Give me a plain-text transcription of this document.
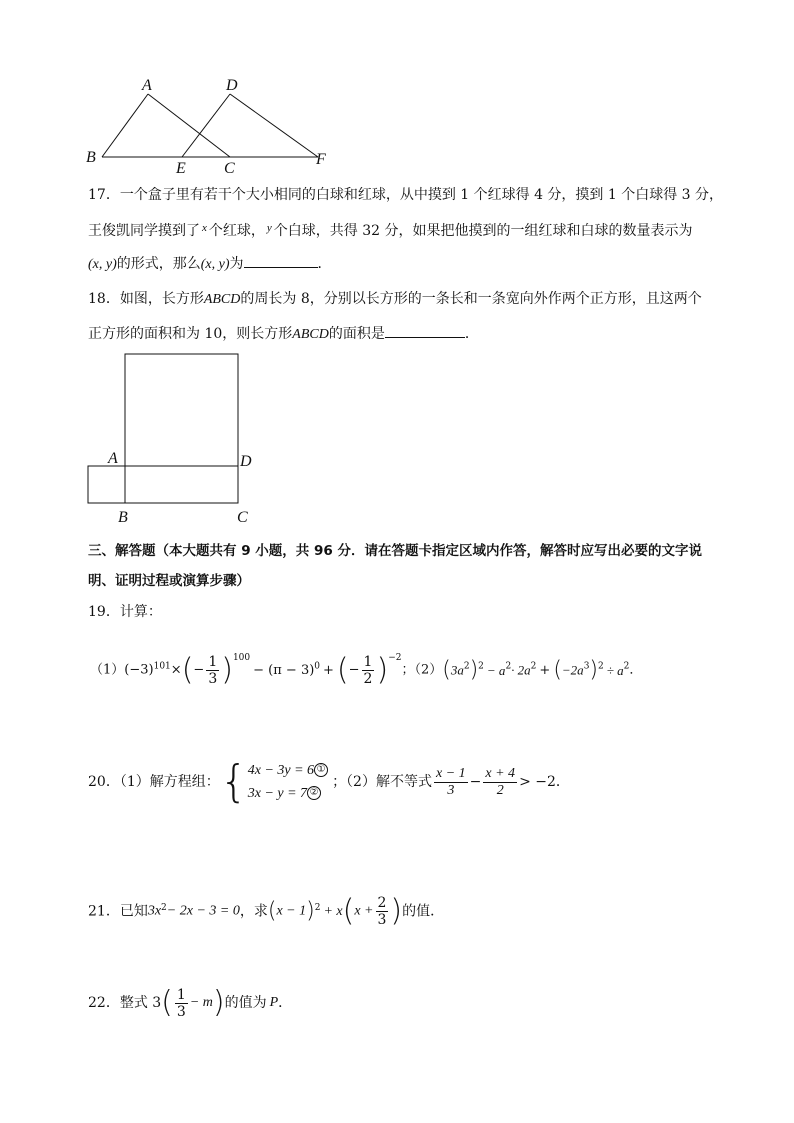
A
B
C
D
E
F
17．一个盒子里有若干个大小相同的白球和红球，从中摸到 1 个红球得 4 分，摸到 1 个白球得 3 分，
王俊凯同学摸到了 $^x$ 个红球， $^y$ 个白球，共得 32 分，如果把他摸到的一组红球和白球的数量表示为
(x, y)的形式，那么(x, y)为	．
18．如图，长方形ABCD的周长为 8，分别以长方形的一条长和一条宽向外作两个正方形，且这两个
正方形的面积和为 10，则长方形ABCD的面积是	．
A	D
B	C
三、解答题（本大题共有 9 小题，共 96 分．请在答题卡指定区域内作答，解答时应写出必要的文字说
明、证明过程或演算步骤）
19．计算：
$(1)(-3)^{101}\times(- \frac{1}{3} )^{100}- (\pi - 3)^0$ + (− $\frac{1}{2} )^{-2}$；$(2)(3a^2)^2 - a^2\cdot 2a^2 + (-2a^3)^2 \div a^2$．
20．（1）解方程组： { 4x − 3y = 6 ①
3x − y = 7 ②
；（2）解不等式 $\frac{x - 1}{3} - \frac{x + 4}{2} > -2$．
21．已知$3x^2- 2x - 3 = 0$，求$(x - 1)^2 + x(x + \frac{2}{3}$ )的值．
22．整式 $3( \frac{1}{3} - m)$的值为 P．
